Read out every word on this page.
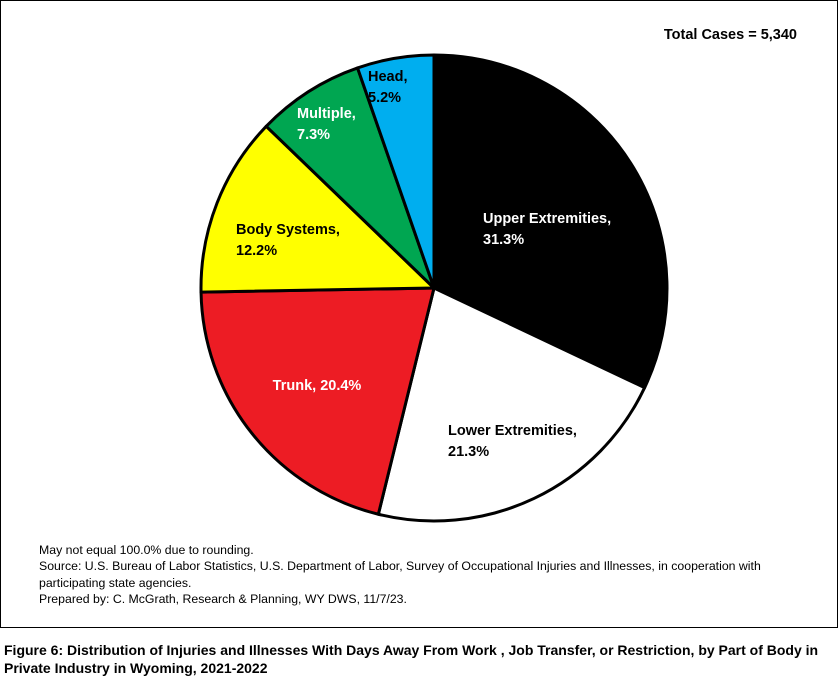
Upper Extremities, 31.3%
Lower Extremities, 21.3%
Trunk, 20.4%
Body Systems, 12.2%
Multiple, 7.3%
Head, 5.2%
Total Cases = 5,340
May not equal 100.0% due to rounding.
Source: U.S. Bureau of Labor Statistics, U.S. Department of Labor, Survey of Occupational Injuries and Illnesses, in cooperation with participating state agencies.
Prepared by: C. McGrath, Research & Planning, WY DWS, 11/7/23.
Figure 6: Distribution of Injuries and Illnesses With Days Away From Work , Job Transfer, or Restriction, by Part of Body in Private Industry in Wyoming, 2021-2022
